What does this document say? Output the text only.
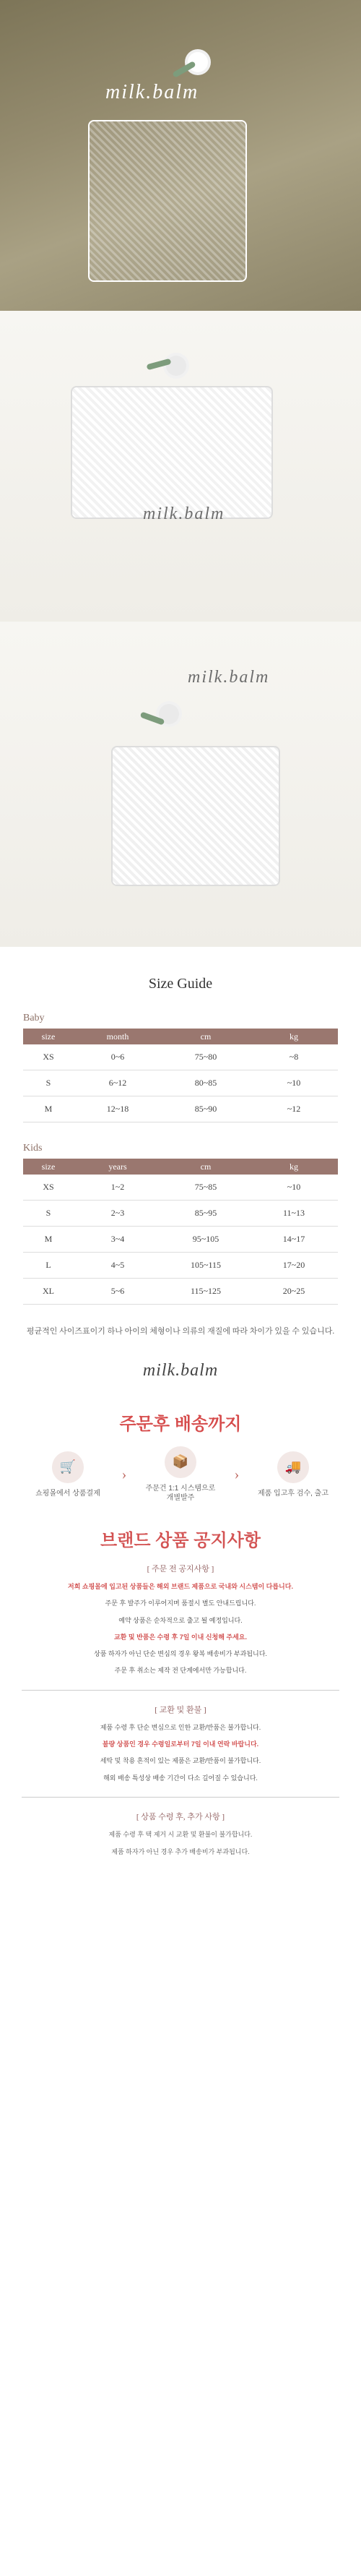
milk.balm
milk.balm
milk.balm
Size Guide
Baby
size	month	cm	kg
XS	0~6	75~80	~8
S	6~12	80~85	~10
M	12~18	85~90	~12
Kids
size	years	cm	kg
XS	1~2	75~85	~10
S	2~3	85~95	11~13
M	3~4	95~105	14~17
L	4~5	105~115	17~20
XL	5~6	115~125	20~25
평균적인 사이즈표이기 하나 아이의 체형이나 의류의 재질에 따라 차이가 있을 수 있습니다.
milk.balm
주문후 배송까지
🛒
쇼핑몰에서 상품결제
›
📦
주문건 1:1 시스템으로 개별발주
›	🚚
제품 입고후 검수, 출고
브랜드 상품 공지사항
[ 주문 전 공지사항 ]

저희 쇼핑몰에 입고된 상품들은 해외 브랜드 제품으로 국내와 시스템이 다릅니다.

주문 후 발주가 이루어지며 품절시 별도 안내드립니다.

예약 상품은 순차적으로 출고 될 예정입니다.

교환 및 반품은 수령 후 7일 이내 신청해 주세요.

상품 하자가 아닌 단순 변심의 경우 왕복 배송비가 부과됩니다.

주문 후 취소는 제작 전 단계에서만 가능합니다.

[ 교환 및 환불 ]

제품 수령 후 단순 변심으로 인한 교환/반품은 불가합니다.

불량 상품인 경우 수령일로부터 7일 이내 연락 바랍니다.

세탁 및 착용 흔적이 있는 제품은 교환/반품이 불가합니다.

해외 배송 특성상 배송 기간이 다소 길어질 수 있습니다.

[ 상품 수령 후, 추가 사항 ]

제품 수령 후 택 제거 시 교환 및 환불이 불가합니다.

제품 하자가 아닌 경우 추가 배송비가 부과됩니다.
